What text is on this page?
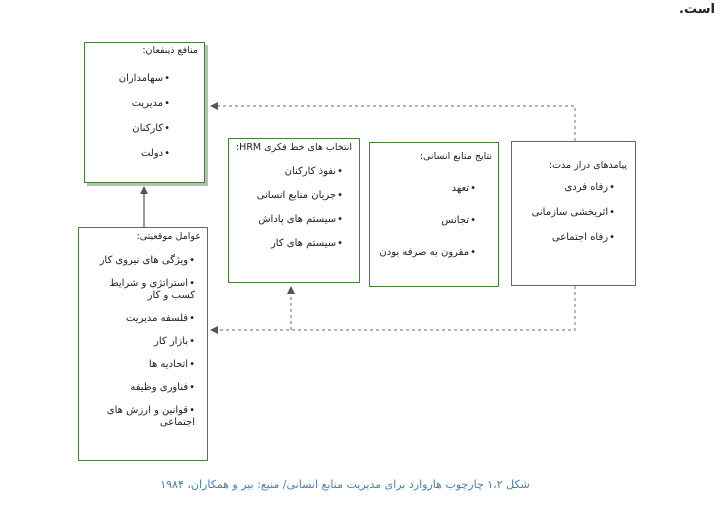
است.
منافع ذینفعان:
• سهامداران
• مدیریت
• کارکنان
• دولت
عوامل موقعیتی:
• ویژگی های نیروی کار
• استراتژی و شرایط کسب و کار
• فلسفه مدیریت
• بازار کار
• اتحادیه ها
• فناوری وظیفه
• قوانین و ارزش های اجتماعی
انتخاب های خط فکری HRM:
• نفوذ کارکنان
• جریان منابع انسانی
• سیستم های پاداش
• سیستم های کار
نتایج منابع انسانی:
• تعهد
• تجانس
• مقرون به صرفه بودن
پیامدهای دراز مدت:
• رفاه فردی
• اثربخشی سازمانی
• رفاه اجتماعی
شکل ۱،۲ چارچوب هاروارد برای مدیریت منابع انسانی/ منبع: بیر و همکاران، ۱۹۸۴
